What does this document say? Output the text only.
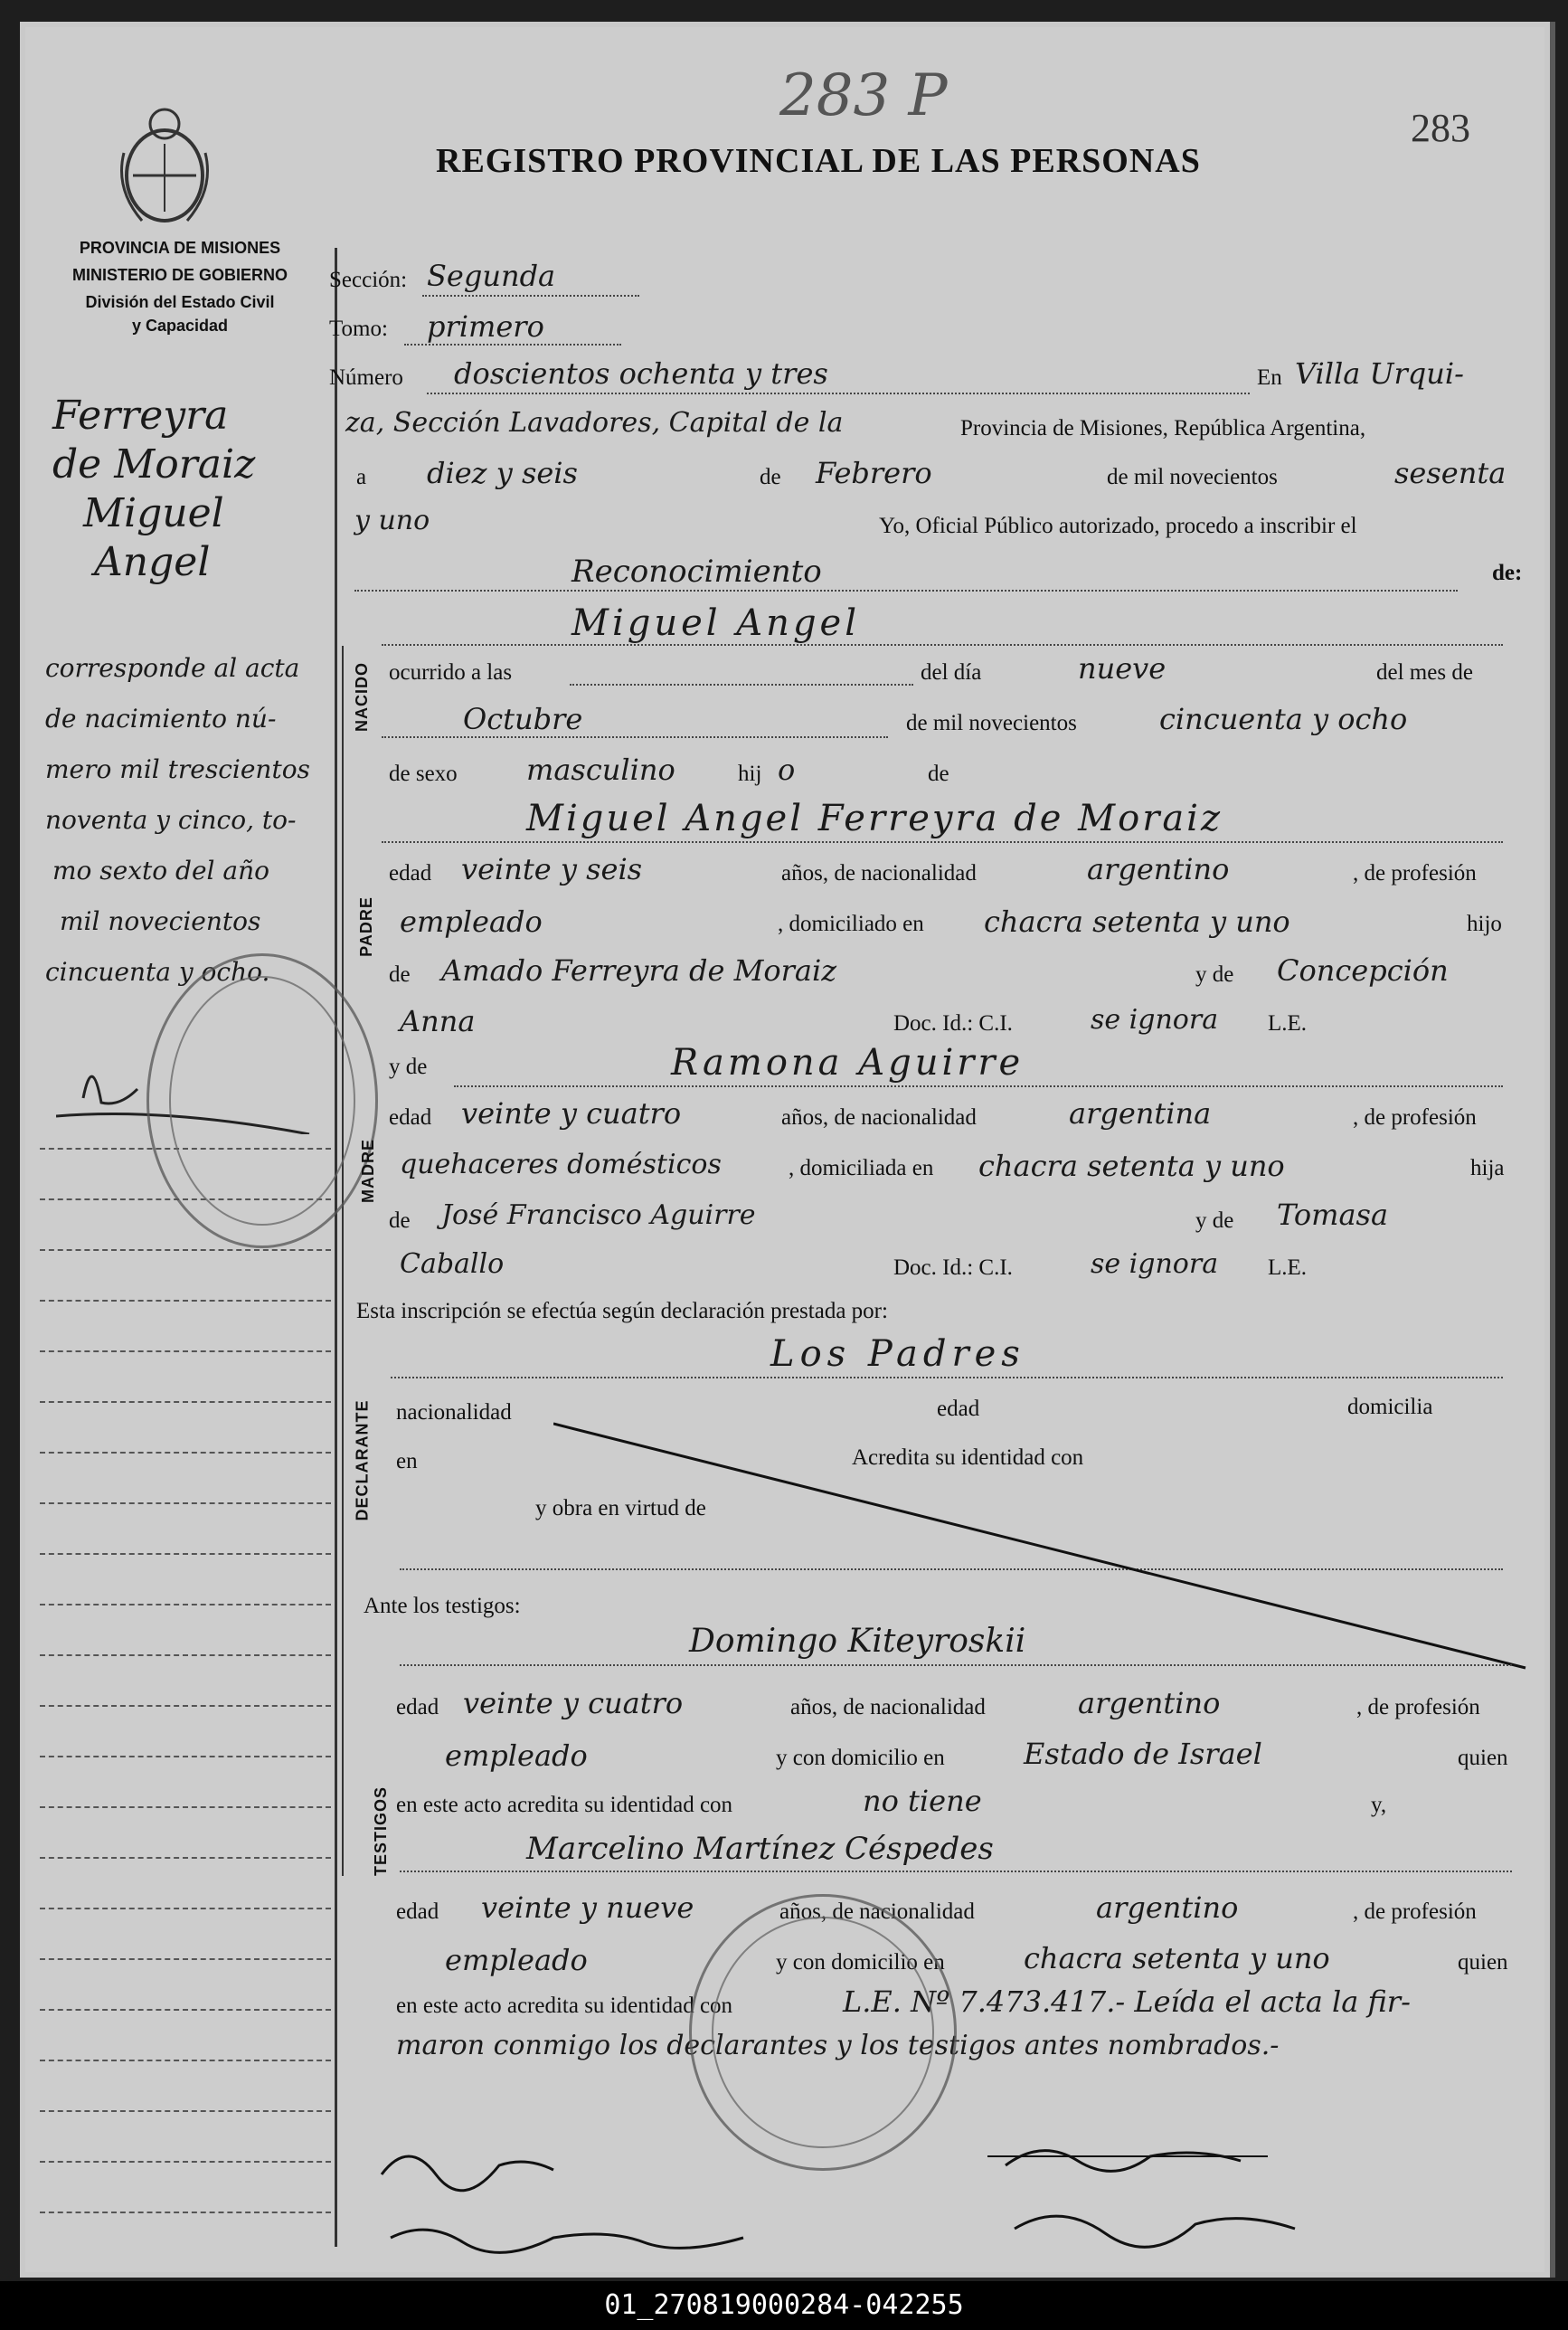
283 P	283
REGISTRO PROVINCIAL DE LAS PERSONAS
PROVINCIA DE MISIONES
MINISTERIO DE GOBIERNO
División del Estado Civil
y Capacidad
Ferreyra
de Moraiz
Miguel
Angel
corresponde al acta
de nacimiento nú-
mero mil trescientos
noventa y cinco, to-
mo sexto del año
mil novecientos
cincuenta y ocho.
Sección: Segunda
Tomo: primero
Número doscientos ochenta y tres	En Villa Urqui-
za, Sección Lavadores, Capital de la	Provincia de Misiones, República Argentina,
a diez y seis	de Febrero	de mil novecientos	sesenta
y uno	Yo, Oficial Público autorizado, procedo a inscribir el
Reconocimiento	de:
NACIDO
Miguel Angel
ocurrido a las	del día	nueve	del mes de
Octubre	de mil novecientos	cincuenta y ocho
de sexo masculino	hij o	de
PADRE
Miguel Angel Ferreyra de Moraiz
edad veinte y seis	años, de nacionalidad	argentino	, de profesión
empleado	, domiciliado en chacra setenta y uno	hijo
de Amado Ferreyra de Moraiz	y de Concepción
Anna	Doc. Id.: C.I.	se ignora L.E.
MADRE
y de	Ramona Aguirre
edad veinte y cuatro	años, de nacionalidad	argentina	, de profesión
quehaceres domésticos	, domiciliada en chacra setenta y uno	hija
de José Francisco Aguirre	y de Tomasa
Caballo	Doc. Id.: C.I.	se ignora L.E.
Esta inscripción se efectúa según declaración prestada por:
Los Padres
DECLARANTE nacionalidad	edad	domicilia
en	Acredita su identidad con
y obra en virtud de
Ante los testigos:
TESTIGOS
Domingo Kiteyroskii
edad veinte y cuatro	años, de nacionalidad	argentino	, de profesión
empleado	y con domicilio en	Estado de Israel	quien
en este acto acredita su identidad con	no tiene	y,
Marcelino Martínez Céspedes
edad veinte y nueve	años, de nacionalidad	argentino	, de profesión
empleado	y con domicilio en	chacra setenta y uno	quien
en este acto acredita su identidad con	L.E. Nº 7.473.417.- Leída el acta la fir-
maron conmigo los declarantes y los testigos antes nombrados.-
01_270819000284-042255
